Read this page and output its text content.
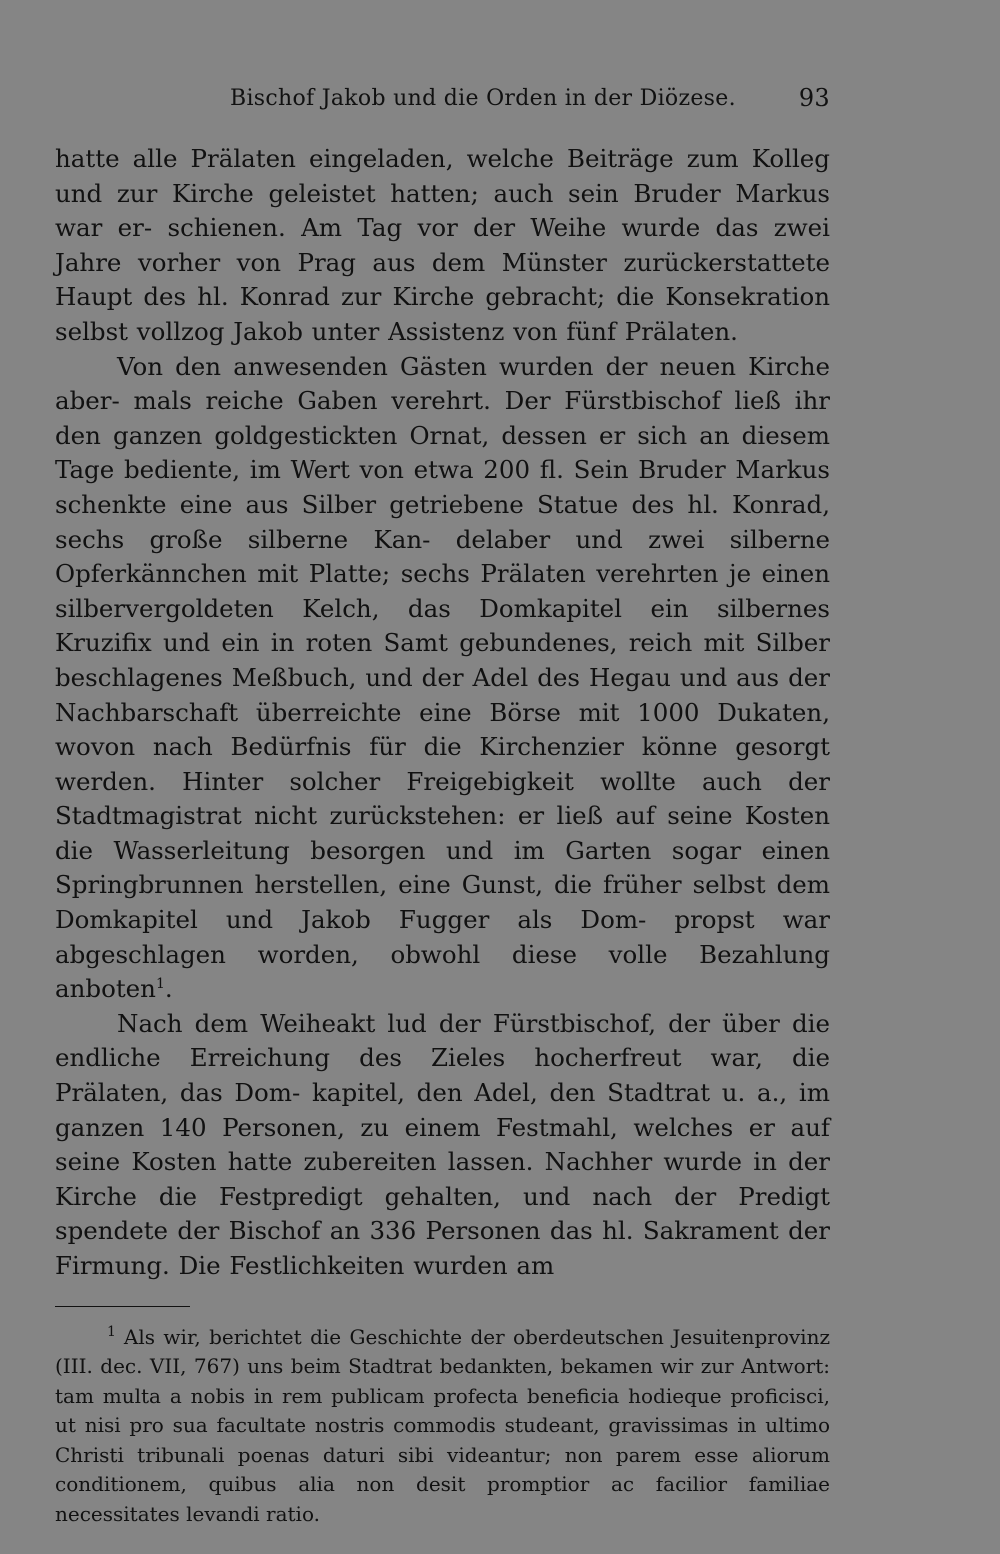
Bischof Jakob und die Orden in der Diözese.	93

hatte alle Prälaten eingeladen, welche Beiträge zum Kolleg und zur Kirche geleistet hatten; auch sein Bruder Markus war er- schienen. Am Tag vor der Weihe wurde das zwei Jahre vorher von Prag aus dem Münster zurückerstattete Haupt des hl. Konrad zur Kirche gebracht; die Konsekration selbst vollzog Jakob unter Assistenz von fünf Prälaten.

Von den anwesenden Gästen wurden der neuen Kirche aber- mals reiche Gaben verehrt. Der Fürstbischof ließ ihr den ganzen goldgestickten Ornat, dessen er sich an diesem Tage bediente, im Wert von etwa 200 fl. Sein Bruder Markus schenkte eine aus Silber getriebene Statue des hl. Konrad, sechs große silberne Kan- delaber und zwei silberne Opferkännchen mit Platte; sechs Prälaten verehrten je einen silbervergoldeten Kelch, das Domkapitel ein silbernes Kruzifix und ein in roten Samt gebundenes, reich mit Silber beschlagenes Meßbuch, und der Adel des Hegau und aus der Nachbarschaft überreichte eine Börse mit 1000 Dukaten, wovon nach Bedürfnis für die Kirchenzier könne gesorgt werden. Hinter solcher Freigebigkeit wollte auch der Stadtmagistrat nicht zurückstehen: er ließ auf seine Kosten die Wasserleitung besorgen und im Garten sogar einen Springbrunnen herstellen, eine Gunst, die früher selbst dem Domkapitel und Jakob Fugger als Dom- propst war abgeschlagen worden, obwohl diese volle Bezahlung anboten$^1$.

Nach dem Weiheakt lud der Fürstbischof, der über die endliche Erreichung des Zieles hocherfreut war, die Prälaten, das Dom- kapitel, den Adel, den Stadtrat u. a., im ganzen 140 Personen, zu einem Festmahl, welches er auf seine Kosten hatte zubereiten lassen. Nachher wurde in der Kirche die Festpredigt gehalten, und nach der Predigt spendete der Bischof an 336 Personen das hl. Sakrament der Firmung. Die Festlichkeiten wurden am

$^1$ Als wir, berichtet die Geschichte der oberdeutschen Jesuitenprovinz (III. dec. VII, 767) uns beim Stadtrat bedankten, bekamen wir zur Antwort: tam multa a nobis in rem publicam profecta beneficia hodieque proficisci, ut nisi pro sua facultate nostris commodis studeant, gravissimas in ultimo Christi tribunali poenas daturi sibi videantur; non parem esse aliorum conditionem, quibus alia non desit promptior ac facilior familiae necessitates levandi ratio.
